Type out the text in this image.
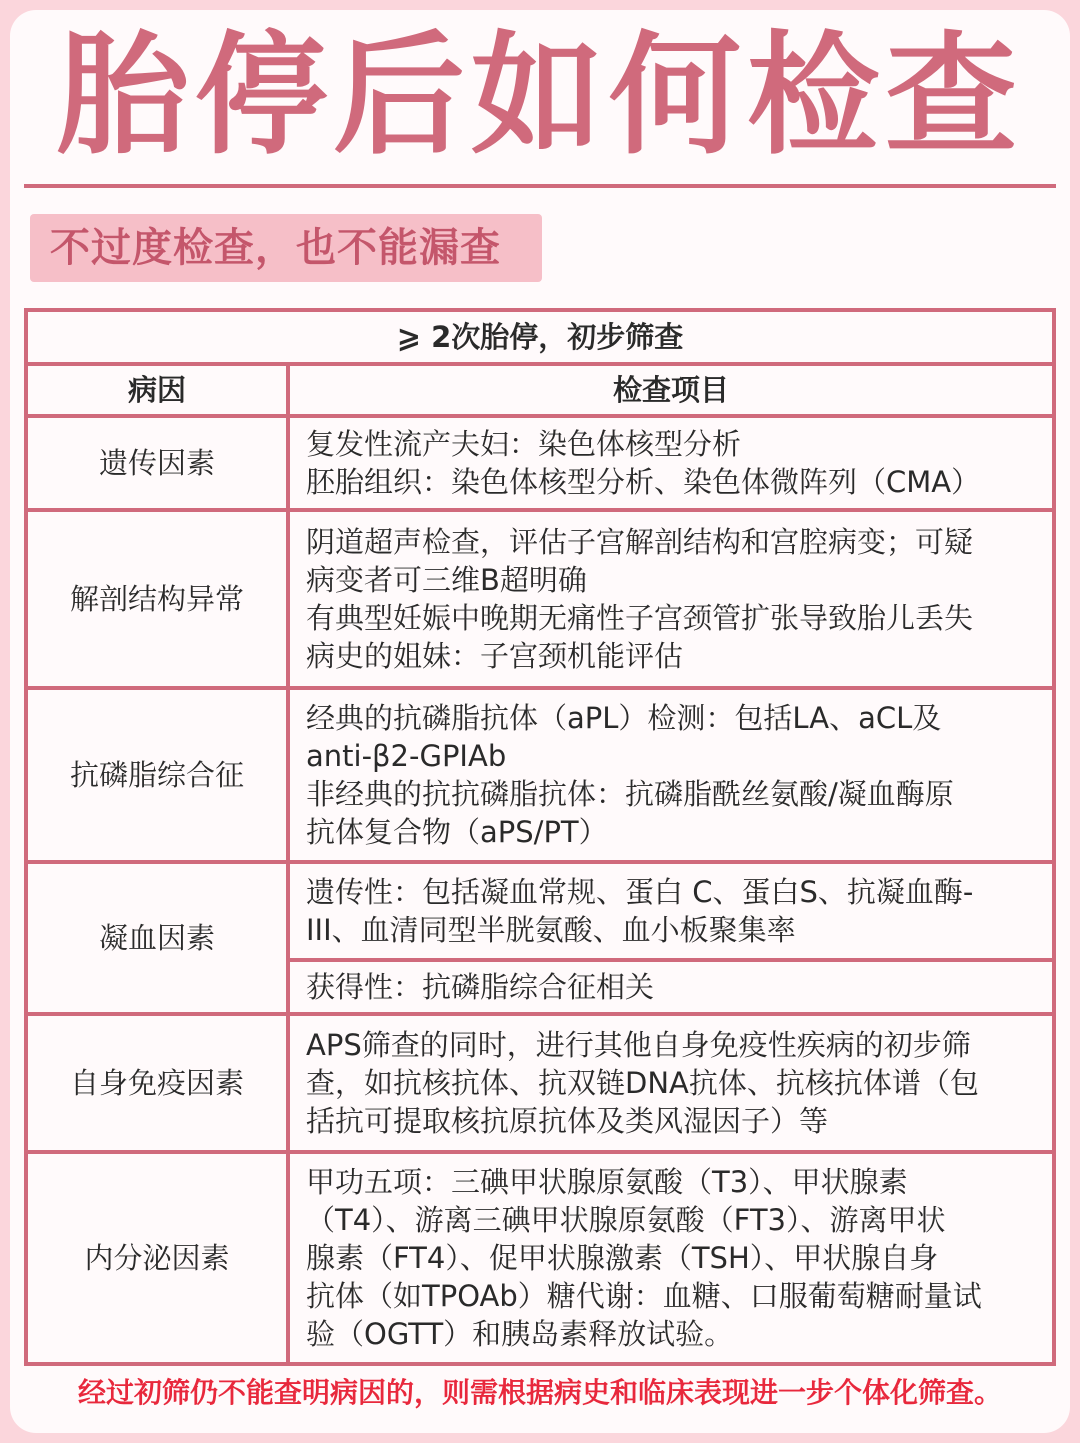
胎停后如何检查
不过度检查，也不能漏查
⩾ 2次胎停，初步筛查	
病因	检查项目
遗传因素	复发性流产夫妇：染色体核型分析
胚胎组织：染色体核型分析、染色体微阵列（CMA）

解剖结构异常	阴道超声检查，评估子宫解剖结构和宫腔病变；可疑
病变者可三维B超明确
有典型妊娠中晚期无痛性子宫颈管扩张导致胎儿丢失
病史的姐妹：子宫颈机能评估

抗磷脂综合征	经典的抗磷脂抗体（aPL）检测：包括LA、aCL及
anti-β2-GPⅠAb
非经典的抗抗磷脂抗体：抗磷脂酰丝氨酸/凝血酶原
抗体复合物（aPS/PT）

凝血因素	遗传性：包括凝血常规、蛋白 C、蛋白S、抗凝血酶-
III、血清同型半胱氨酸、血小板聚集率

	获得性：抗磷脂综合征相关

自身免疫因素	APS筛查的同时，进行其他自身免疫性疾病的初步筛
查，如抗核抗体、抗双链DNA抗体、抗核抗体谱（包
括抗可提取核抗原抗体及类风湿因子）等

内分泌因素	甲功五项：三碘甲状腺原氨酸（T3）、甲状腺素
（T4）、游离三碘甲状腺原氨酸（FT3）、游离甲状
腺素（FT4）、促甲状腺激素（TSH）、甲状腺自身
抗体（如TPOAb）糖代谢：血糖、口服葡萄糖耐量试
验（OGTT）和胰岛素释放试验。
经过初筛仍不能查明病因的，则需根据病史和临床表现进一步个体化筛查。
